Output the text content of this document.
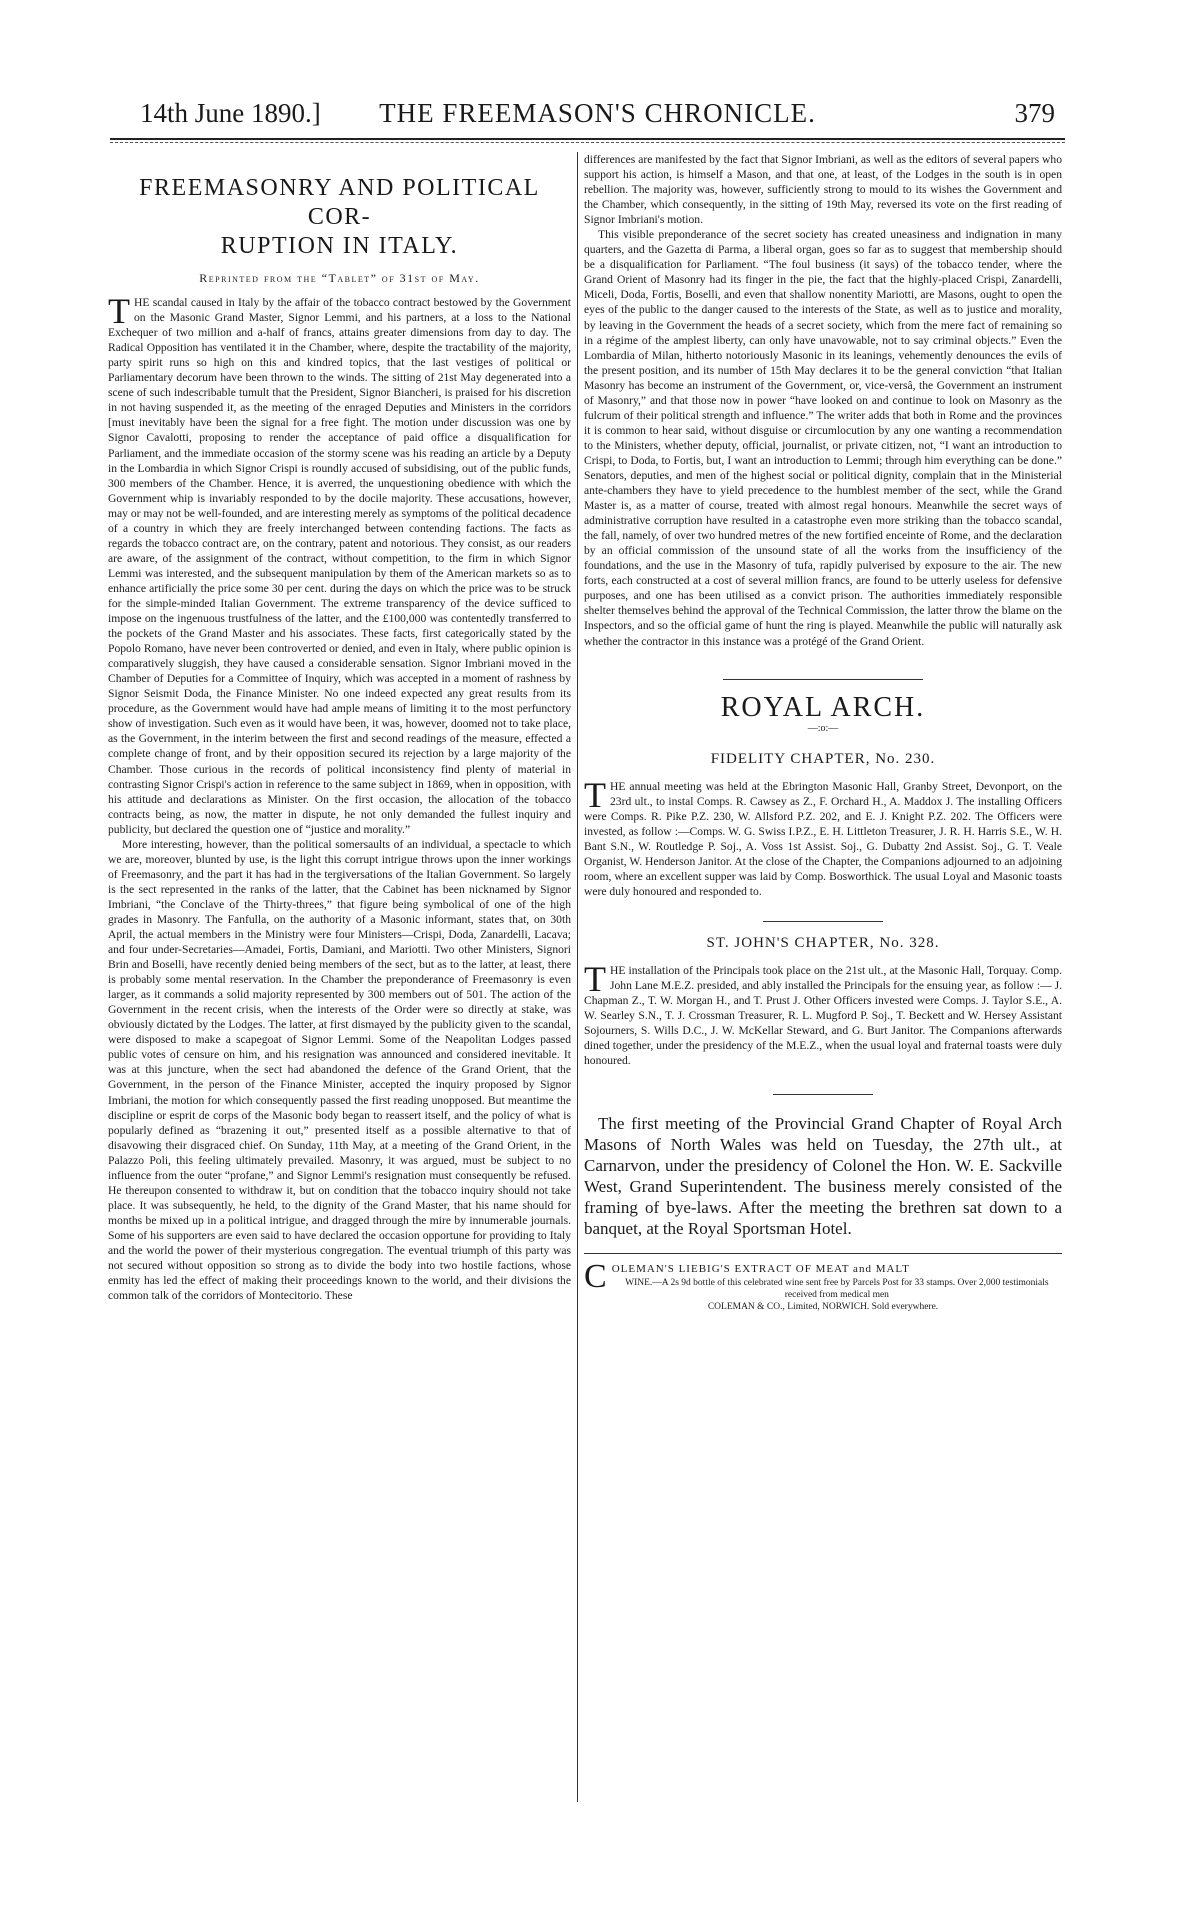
14th June 1890.]	THE FREEMASON'S CHRONICLE.	379
FREEMASONRY AND POLITICAL COR-
RUPTION IN ITALY.
Reprinted from the “Tablet” of 31st of May.

THE scandal caused in Italy by the affair of the tobacco contract bestowed by the Government on the Masonic Grand Master, Signor Lemmi, and his partners, at a loss to the National Exchequer of two million and a-half of francs, attains greater dimensions from day to day. The Radical Opposition has ventilated it in the Chamber, where, despite the tractability of the majority, party spirit runs so high on this and kindred topics, that the last vestiges of political or Parliamentary decorum have been thrown to the winds. The sitting of 21st May degenerated into a scene of such indescribable tumult that the President, Signor Biancheri, is praised for his discretion in not having suspended it, as the meeting of the enraged Deputies and Ministers in the corridors [must inevitably have been the signal for a free fight. The motion under discussion was one by Signor Cavalotti, proposing to render the acceptance of paid office a disqualification for Parliament, and the immediate occasion of the stormy scene was his reading an article by a Deputy in the Lombardia in which Signor Crispi is roundly accused of subsidising, out of the public funds, 300 members of the Chamber. Hence, it is averred, the unquestioning obedience with which the Government whip is invariably responded to by the docile majority. These accusations, however, may or may not be well-founded, and are interesting merely as symptoms of the political decadence of a country in which they are freely interchanged between contending factions. The facts as regards the tobacco contract are, on the contrary, patent and notorious. They consist, as our readers are aware, of the assignment of the contract, without competition, to the firm in which Signor Lemmi was interested, and the subsequent manipulation by them of the American markets so as to enhance artificially the price some 30 per cent. during the days on which the price was to be struck for the simple-minded Italian Government. The extreme transparency of the device sufficed to impose on the ingenuous trustfulness of the latter, and the £100,000 was contentedly transferred to the pockets of the Grand Master and his associates. These facts, first categorically stated by the Popolo Romano, have never been controverted or denied, and even in Italy, where public opinion is comparatively sluggish, they have caused a considerable sensation. Signor Imbriani moved in the Chamber of Deputies for a Committee of Inquiry, which was accepted in a moment of rashness by Signor Seismit Doda, the Finance Minister. No one indeed expected any great results from its procedure, as the Government would have had ample means of limiting it to the most perfunctory show of investigation. Such even as it would have been, it was, however, doomed not to take place, as the Government, in the interim between the first and second readings of the measure, effected a complete change of front, and by their opposition secured its rejection by a large majority of the Chamber. Those curious in the records of political inconsistency find plenty of material in contrasting Signor Crispi's action in reference to the same subject in 1869, when in opposition, with his attitude and declarations as Minister. On the first occasion, the allocation of the tobacco contracts being, as now, the matter in dispute, he not only demanded the fullest inquiry and publicity, but declared the question one of “justice and morality.”

More interesting, however, than the political somersaults of an individual, a spectacle to which we are, moreover, blunted by use, is the light this corrupt intrigue throws upon the inner workings of Freemasonry, and the part it has had in the tergiversations of the Italian Government. So largely is the sect represented in the ranks of the latter, that the Cabinet has been nicknamed by Signor Imbriani, “the Conclave of the Thirty-threes,” that figure being symbolical of one of the high grades in Masonry. The Fanfulla, on the authority of a Masonic informant, states that, on 30th April, the actual members in the Ministry were four Ministers—Crispi, Doda, Zanardelli, Lacava; and four under-Secretaries—Amadei, Fortis, Damiani, and Mariotti. Two other Ministers, Signori Brin and Boselli, have recently denied being members of the sect, but as to the latter, at least, there is probably some mental reservation. In the Chamber the preponderance of Freemasonry is even larger, as it commands a solid majority represented by 300 members out of 501. The action of the Government in the recent crisis, when the interests of the Order were so directly at stake, was obviously dictated by the Lodges. The latter, at first dismayed by the publicity given to the scandal, were disposed to make a scapegoat of Signor Lemmi. Some of the Neapolitan Lodges passed public votes of censure on him, and his resignation was announced and considered inevitable. It was at this juncture, when the sect had abandoned the defence of the Grand Orient, that the Government, in the person of the Finance Minister, accepted the inquiry proposed by Signor Imbriani, the motion for which consequently passed the first reading unopposed. But meantime the discipline or esprit de corps of the Masonic body began to reassert itself, and the policy of what is popularly defined as “brazening it out,” presented itself as a possible alternative to that of disavowing their disgraced chief. On Sunday, 11th May, at a meeting of the Grand Orient, in the Palazzo Poli, this feeling ultimately prevailed. Masonry, it was argued, must be subject to no influence from the outer “profane,” and Signor Lemmi's resignation must consequently be refused. He thereupon consented to withdraw it, but on condition that the tobacco inquiry should not take place. It was subsequently, he held, to the dignity of the Grand Master, that his name should for months be mixed up in a political intrigue, and dragged through the mire by innumerable journals. Some of his supporters are even said to have declared the occasion opportune for providing to Italy and the world the power of their mysterious congregation. The eventual triumph of this party was not secured without opposition so strong as to divide the body into two hostile factions, whose enmity has led the effect of making their proceedings known to the world, and their divisions the common talk of the corridors of Montecitorio. These

differences are manifested by the fact that Signor Imbriani, as well as the editors of several papers who support his action, is himself a Mason, and that one, at least, of the Lodges in the south is in open rebellion. The majority was, however, sufficiently strong to mould to its wishes the Government and the Chamber, which consequently, in the sitting of 19th May, reversed its vote on the first reading of Signor Imbriani's motion.

This visible preponderance of the secret society has created uneasiness and indignation in many quarters, and the Gazetta di Parma, a liberal organ, goes so far as to suggest that membership should be a disqualification for Parliament. “The foul business (it says) of the tobacco tender, where the Grand Orient of Masonry had its finger in the pie, the fact that the highly-placed Crispi, Zanardelli, Miceli, Doda, Fortis, Boselli, and even that shallow nonentity Mariotti, are Masons, ought to open the eyes of the public to the danger caused to the interests of the State, as well as to justice and morality, by leaving in the Government the heads of a secret society, which from the mere fact of remaining so in a régime of the amplest liberty, can only have unavowable, not to say criminal objects.” Even the Lombardia of Milan, hitherto notoriously Masonic in its leanings, vehemently denounces the evils of the present position, and its number of 15th May declares it to be the general conviction “that Italian Masonry has become an instrument of the Government, or, vice-versâ, the Government an instrument of Masonry,” and that those now in power “have looked on and continue to look on Masonry as the fulcrum of their political strength and influence.” The writer adds that both in Rome and the provinces it is common to hear said, without disguise or circumlocution by any one wanting a recommendation to the Ministers, whether deputy, official, journalist, or private citizen, not, “I want an introduction to Crispi, to Doda, to Fortis, but, I want an introduction to Lemmi; through him everything can be done.” Senators, deputies, and men of the highest social or political dignity, complain that in the Ministerial ante-chambers they have to yield precedence to the humblest member of the sect, while the Grand Master is, as a matter of course, treated with almost regal honours. Meanwhile the secret ways of administrative corruption have resulted in a catastrophe even more striking than the tobacco scandal, the fall, namely, of over two hundred metres of the new fortified enceinte of Rome, and the declaration by an official commission of the unsound state of all the works from the insufficiency of the foundations, and the use in the Masonry of tufa, rapidly pulverised by exposure to the air. The new forts, each constructed at a cost of several million francs, are found to be utterly useless for defensive purposes, and one has been utilised as a convict prison. The authorities immediately responsible shelter themselves behind the approval of the Technical Commission, the latter throw the blame on the Inspectors, and so the official game of hunt the ring is played. Meanwhile the public will naturally ask whether the contractor in this instance was a protégé of the Grand Orient.

ROYAL ARCH.
—:o:—
FIDELITY CHAPTER, No. 230.

THE annual meeting was held at the Ebrington Masonic Hall, Granby Street, Devonport, on the 23rd ult., to instal Comps. R. Cawsey as Z., F. Orchard H., A. Maddox J. The installing Officers were Comps. R. Pike P.Z. 230, W. Allsford P.Z. 202, and E. J. Knight P.Z. 202. The Officers were invested, as follow :—Comps. W. G. Swiss I.P.Z., E. H. Littleton Treasurer, J. R. H. Harris S.E., W. H. Bant S.N., W. Routledge P. Soj., A. Voss 1st Assist. Soj., G. Dubatty 2nd Assist. Soj., G. T. Veale Organist, W. Henderson Janitor. At the close of the Chapter, the Companions adjourned to an adjoining room, where an excellent supper was laid by Comp. Bosworthick. The usual Loyal and Masonic toasts were duly honoured and responded to.

ST. JOHN'S CHAPTER, No. 328.

THE installation of the Principals took place on the 21st ult., at the Masonic Hall, Torquay. Comp. John Lane M.E.Z. presided, and ably installed the Principals for the ensuing year, as follow :— J. Chapman Z., T. W. Morgan H., and T. Prust J. Other Officers invested were Comps. J. Taylor S.E., A. W. Searley S.N., T. J. Crossman Treasurer, R. L. Mugford P. Soj., T. Beckett and W. Hersey Assistant Sojourners, S. Wills D.C., J. W. McKellar Steward, and G. Burt Janitor. The Companions afterwards dined together, under the presidency of the M.E.Z., when the usual loyal and fraternal toasts were duly honoured.

The first meeting of the Provincial Grand Chapter of Royal Arch Masons of North Wales was held on Tuesday, the 27th ult., at Carnarvon, under the presidency of Colonel the Hon. W. E. Sackville West, Grand Superintendent. The business merely consisted of the framing of bye-laws. After the meeting the brethren sat down to a banquet, at the Royal Sportsman Hotel.

COLEMAN'S LIEBIG'S EXTRACT OF MEAT and MALT
WINE.—A 2s 9d bottle of this celebrated wine sent free by Parcels Post for 33 stamps. Over 2,000 testimonials received from medical men
COLEMAN & CO., Limited, NORWICH. Sold everywhere.
